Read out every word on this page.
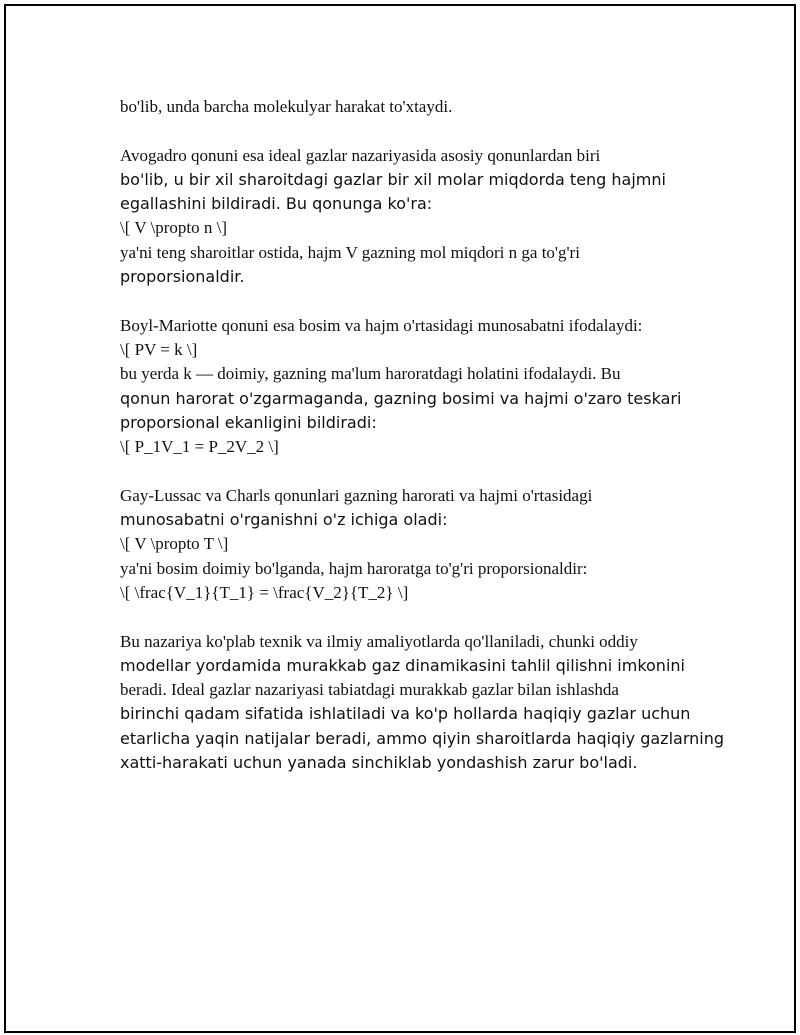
bo'lib, unda barcha molekulyar harakat to'xtaydi.
Avogadro qonuni esa ideal gazlar nazariyasida asosiy qonunlardan biri
bo'lib, u bir xil sharoitdagi gazlar bir xil molar miqdorda teng hajmni
egallashini bildiradi. Bu qonunga ko'ra:
\[ V \propto n \]
ya'ni teng sharoitlar ostida, hajm V gazning mol miqdori n ga to'g'ri
proporsionaldir.
Boyl-Mariotte qonuni esa bosim va hajm o'rtasidagi munosabatni ifodalaydi:
\[ PV = k \]
bu yerda k — doimiy, gazning ma'lum haroratdagi holatini ifodalaydi. Bu
qonun harorat o'zgarmaganda, gazning bosimi va hajmi o'zaro teskari
proporsional ekanligini bildiradi:
\[ P_1V_1 = P_2V_2 \]
Gay-Lussac va Charls qonunlari gazning harorati va hajmi o'rtasidagi
munosabatni o'rganishni o'z ichiga oladi:
\[ V \propto T \]
ya'ni bosim doimiy bo'lganda, hajm haroratga to'g'ri proporsionaldir:
\[ \frac{V_1}{T_1} = \frac{V_2}{T_2} \]
Bu nazariya ko'plab texnik va ilmiy amaliyotlarda qo'llaniladi, chunki oddiy
modellar yordamida murakkab gaz dinamikasini tahlil qilishni imkonini
beradi. Ideal gazlar nazariyasi tabiatdagi murakkab gazlar bilan ishlashda
birinchi qadam sifatida ishlatiladi va ko'p hollarda haqiqiy gazlar uchun
etarlicha yaqin natijalar beradi, ammo qiyin sharoitlarda haqiqiy gazlarning
xatti-harakati uchun yanada sinchiklab yondashish zarur bo'ladi.
